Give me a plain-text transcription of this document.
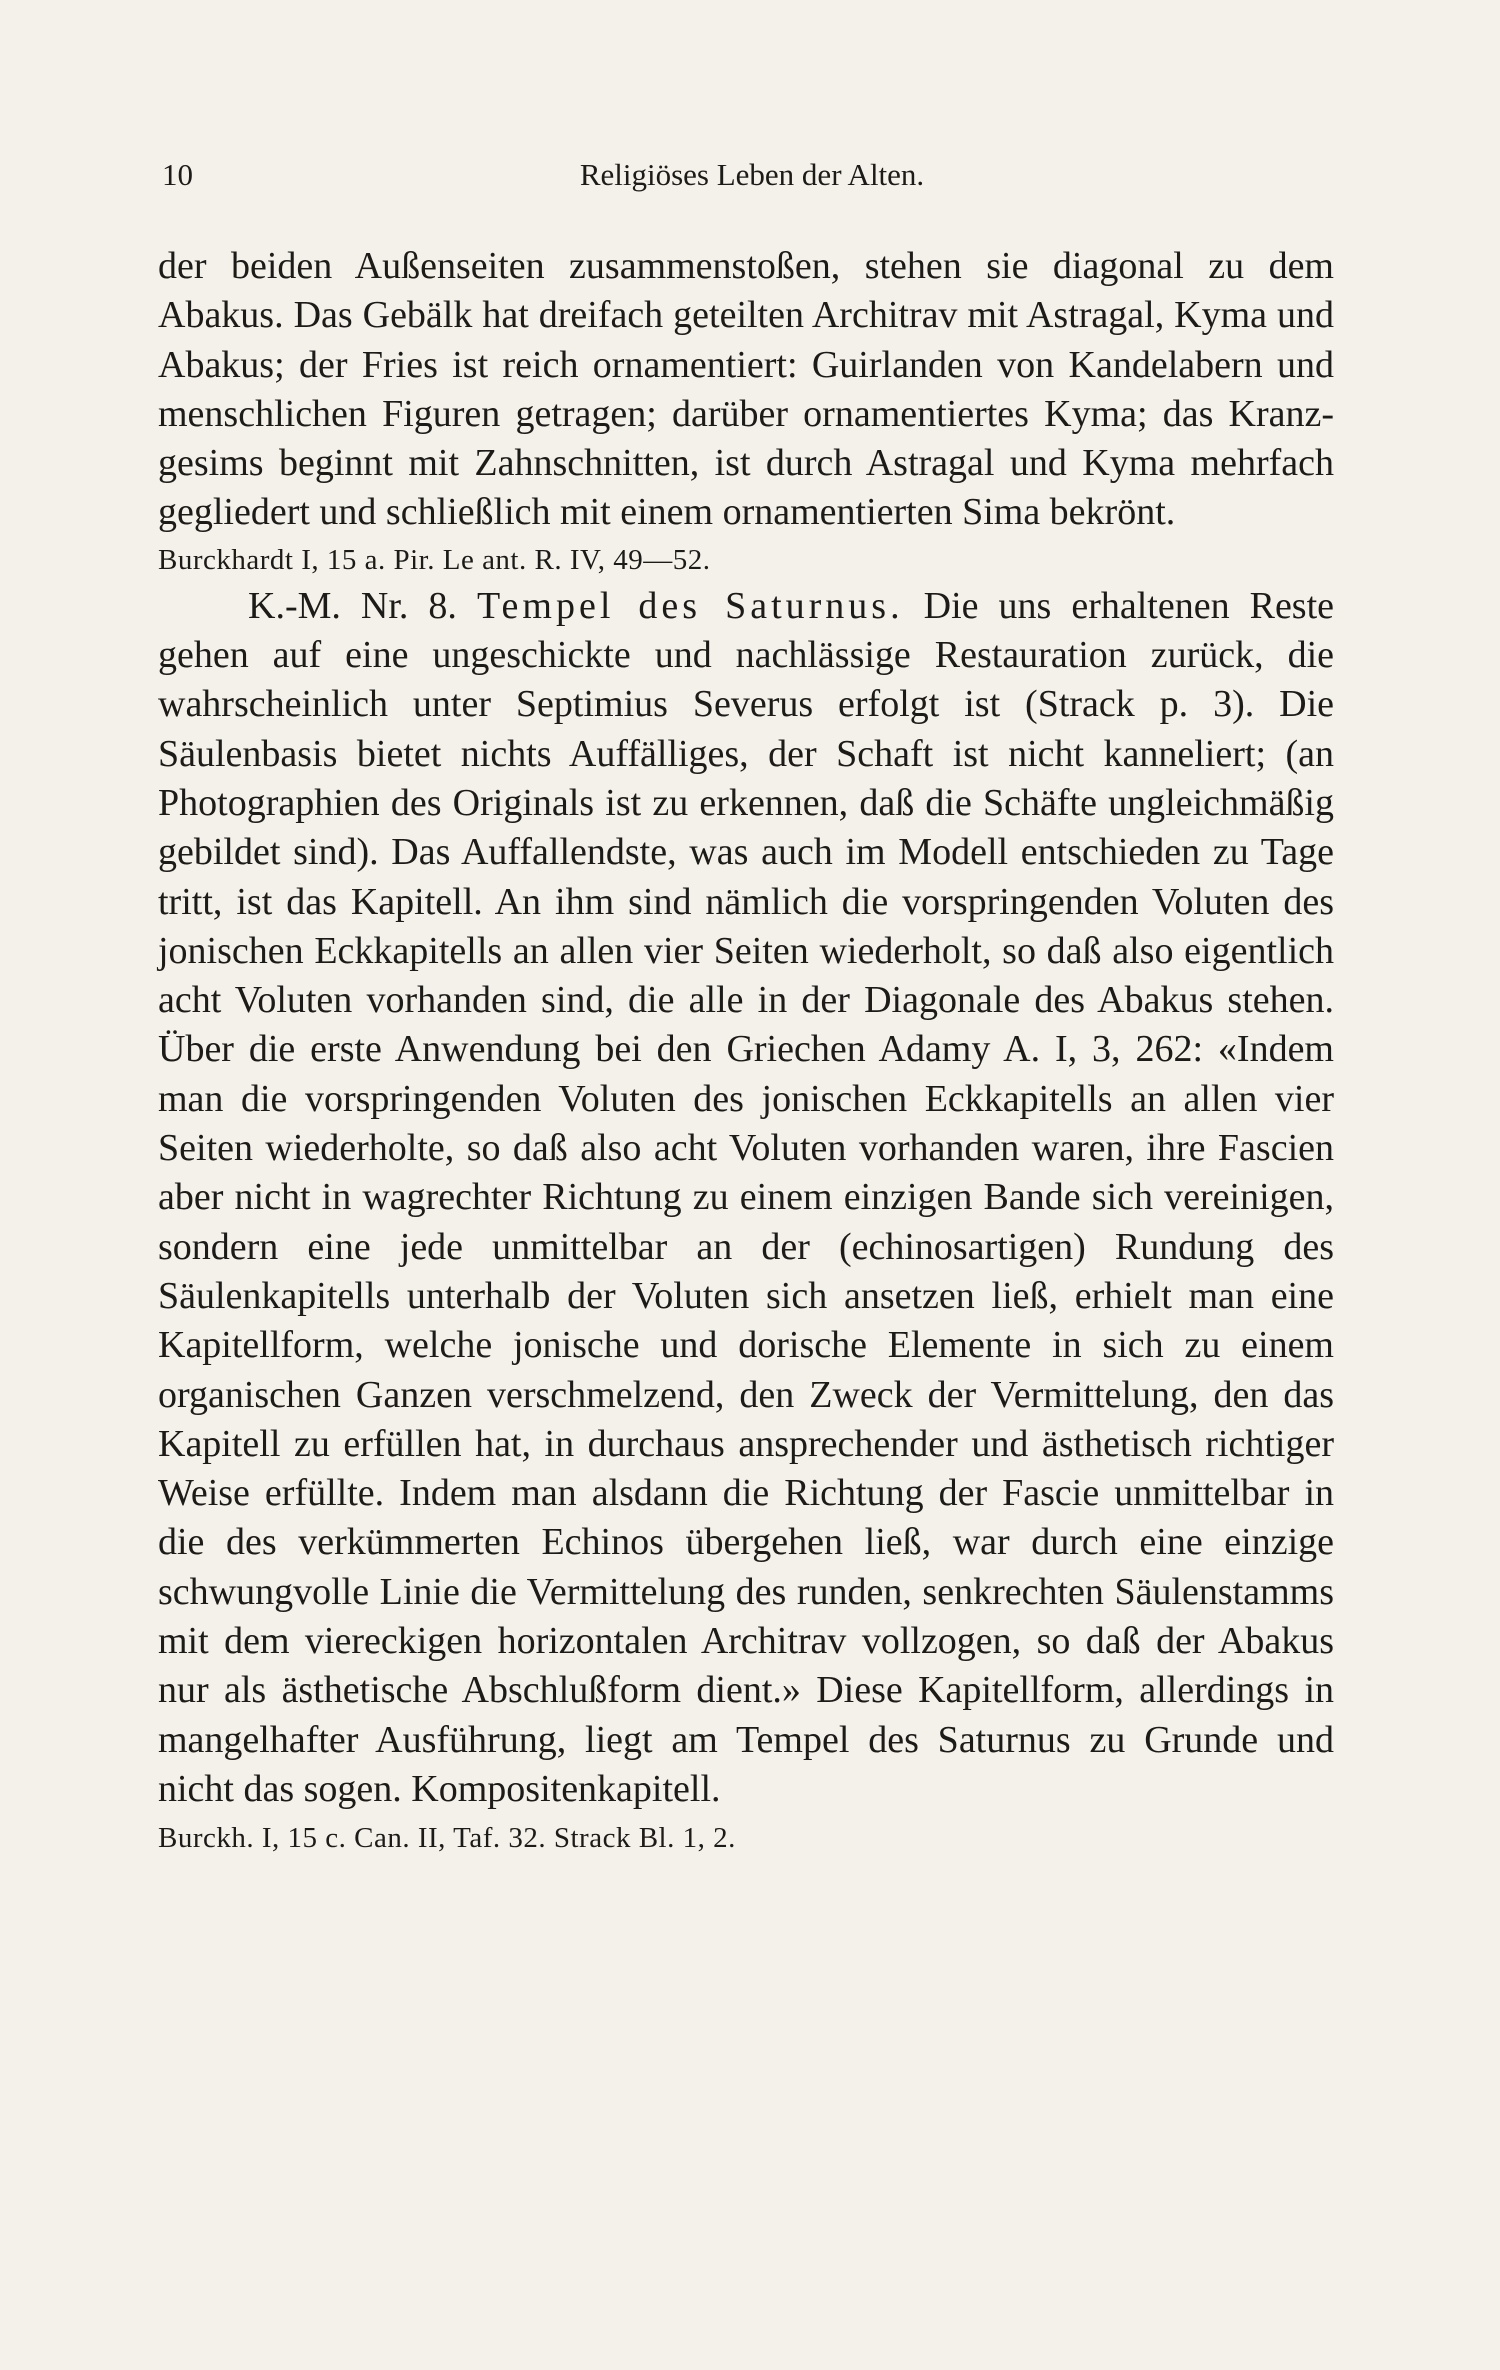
10	Religiöses Leben der Alten.

der beiden Außenseiten zusammenstoßen, stehen sie diagonal zu dem Abakus. Das Gebälk hat dreifach geteilten Architrav mit Astragal, Kyma und Abakus; der Fries ist reich ornamentiert: Guirlanden von Kandelabern und menschlichen Figuren getragen; darüber ornamentiertes Kyma; das Kranzgesims beginnt mit Zahnschnitten, ist durch Astragal und Kyma mehrfach gegliedert und schließlich mit einem ornamentierten Sima bekrönt.

Burckhardt I, 15 a. Pir. Le ant. R. IV, 49—52.

K.-M. Nr. 8. Tempel des Saturnus. Die uns erhaltenen Reste gehen auf eine ungeschickte und nachlässige Restauration zurück, die wahrscheinlich unter Septimius Severus erfolgt ist (Strack p. 3). Die Säulenbasis bietet nichts Auffälliges, der Schaft ist nicht kanneliert; (an Photographien des Originals ist zu erkennen, daß die Schäfte ungleichmäßig gebildet sind). Das Auffallendste, was auch im Modell entschieden zu Tage tritt, ist das Kapitell. An ihm sind nämlich die vorspringenden Voluten des jonischen Eckkapitells an allen vier Seiten wiederholt, so daß also eigentlich acht Voluten vorhanden sind, die alle in der Diagonale des Abakus stehen. Über die erste Anwendung bei den Griechen Adamy A. I, 3, 262: «Indem man die vorspringenden Voluten des jonischen Eckkapitells an allen vier Seiten wiederholte, so daß also acht Voluten vorhanden waren, ihre Fascien aber nicht in wagrechter Richtung zu einem einzigen Bande sich vereinigen, sondern eine jede unmittelbar an der (echinosartigen) Rundung des Säulenkapitells unterhalb der Voluten sich ansetzen ließ, erhielt man eine Kapitellform, welche jonische und dorische Elemente in sich zu einem organischen Ganzen verschmelzend, den Zweck der Vermittelung, den das Kapitell zu erfüllen hat, in durchaus ansprechender und ästhetisch richtiger Weise erfüllte. Indem man alsdann die Richtung der Fascie unmittelbar in die des verkümmerten Echinos übergehen ließ, war durch eine einzige schwungvolle Linie die Vermittelung des runden, senkrechten Säulenstamms mit dem viereckigen horizontalen Architrav vollzogen, so daß der Abakus nur als ästhetische Abschlußform dient.» Diese Kapitellform, allerdings in mangelhafter Ausführung, liegt am Tempel des Saturnus zu Grunde und nicht das sogen. Kompositenkapitell.

Burckh. I, 15 c. Can. II, Taf. 32. Strack Bl. 1, 2.
